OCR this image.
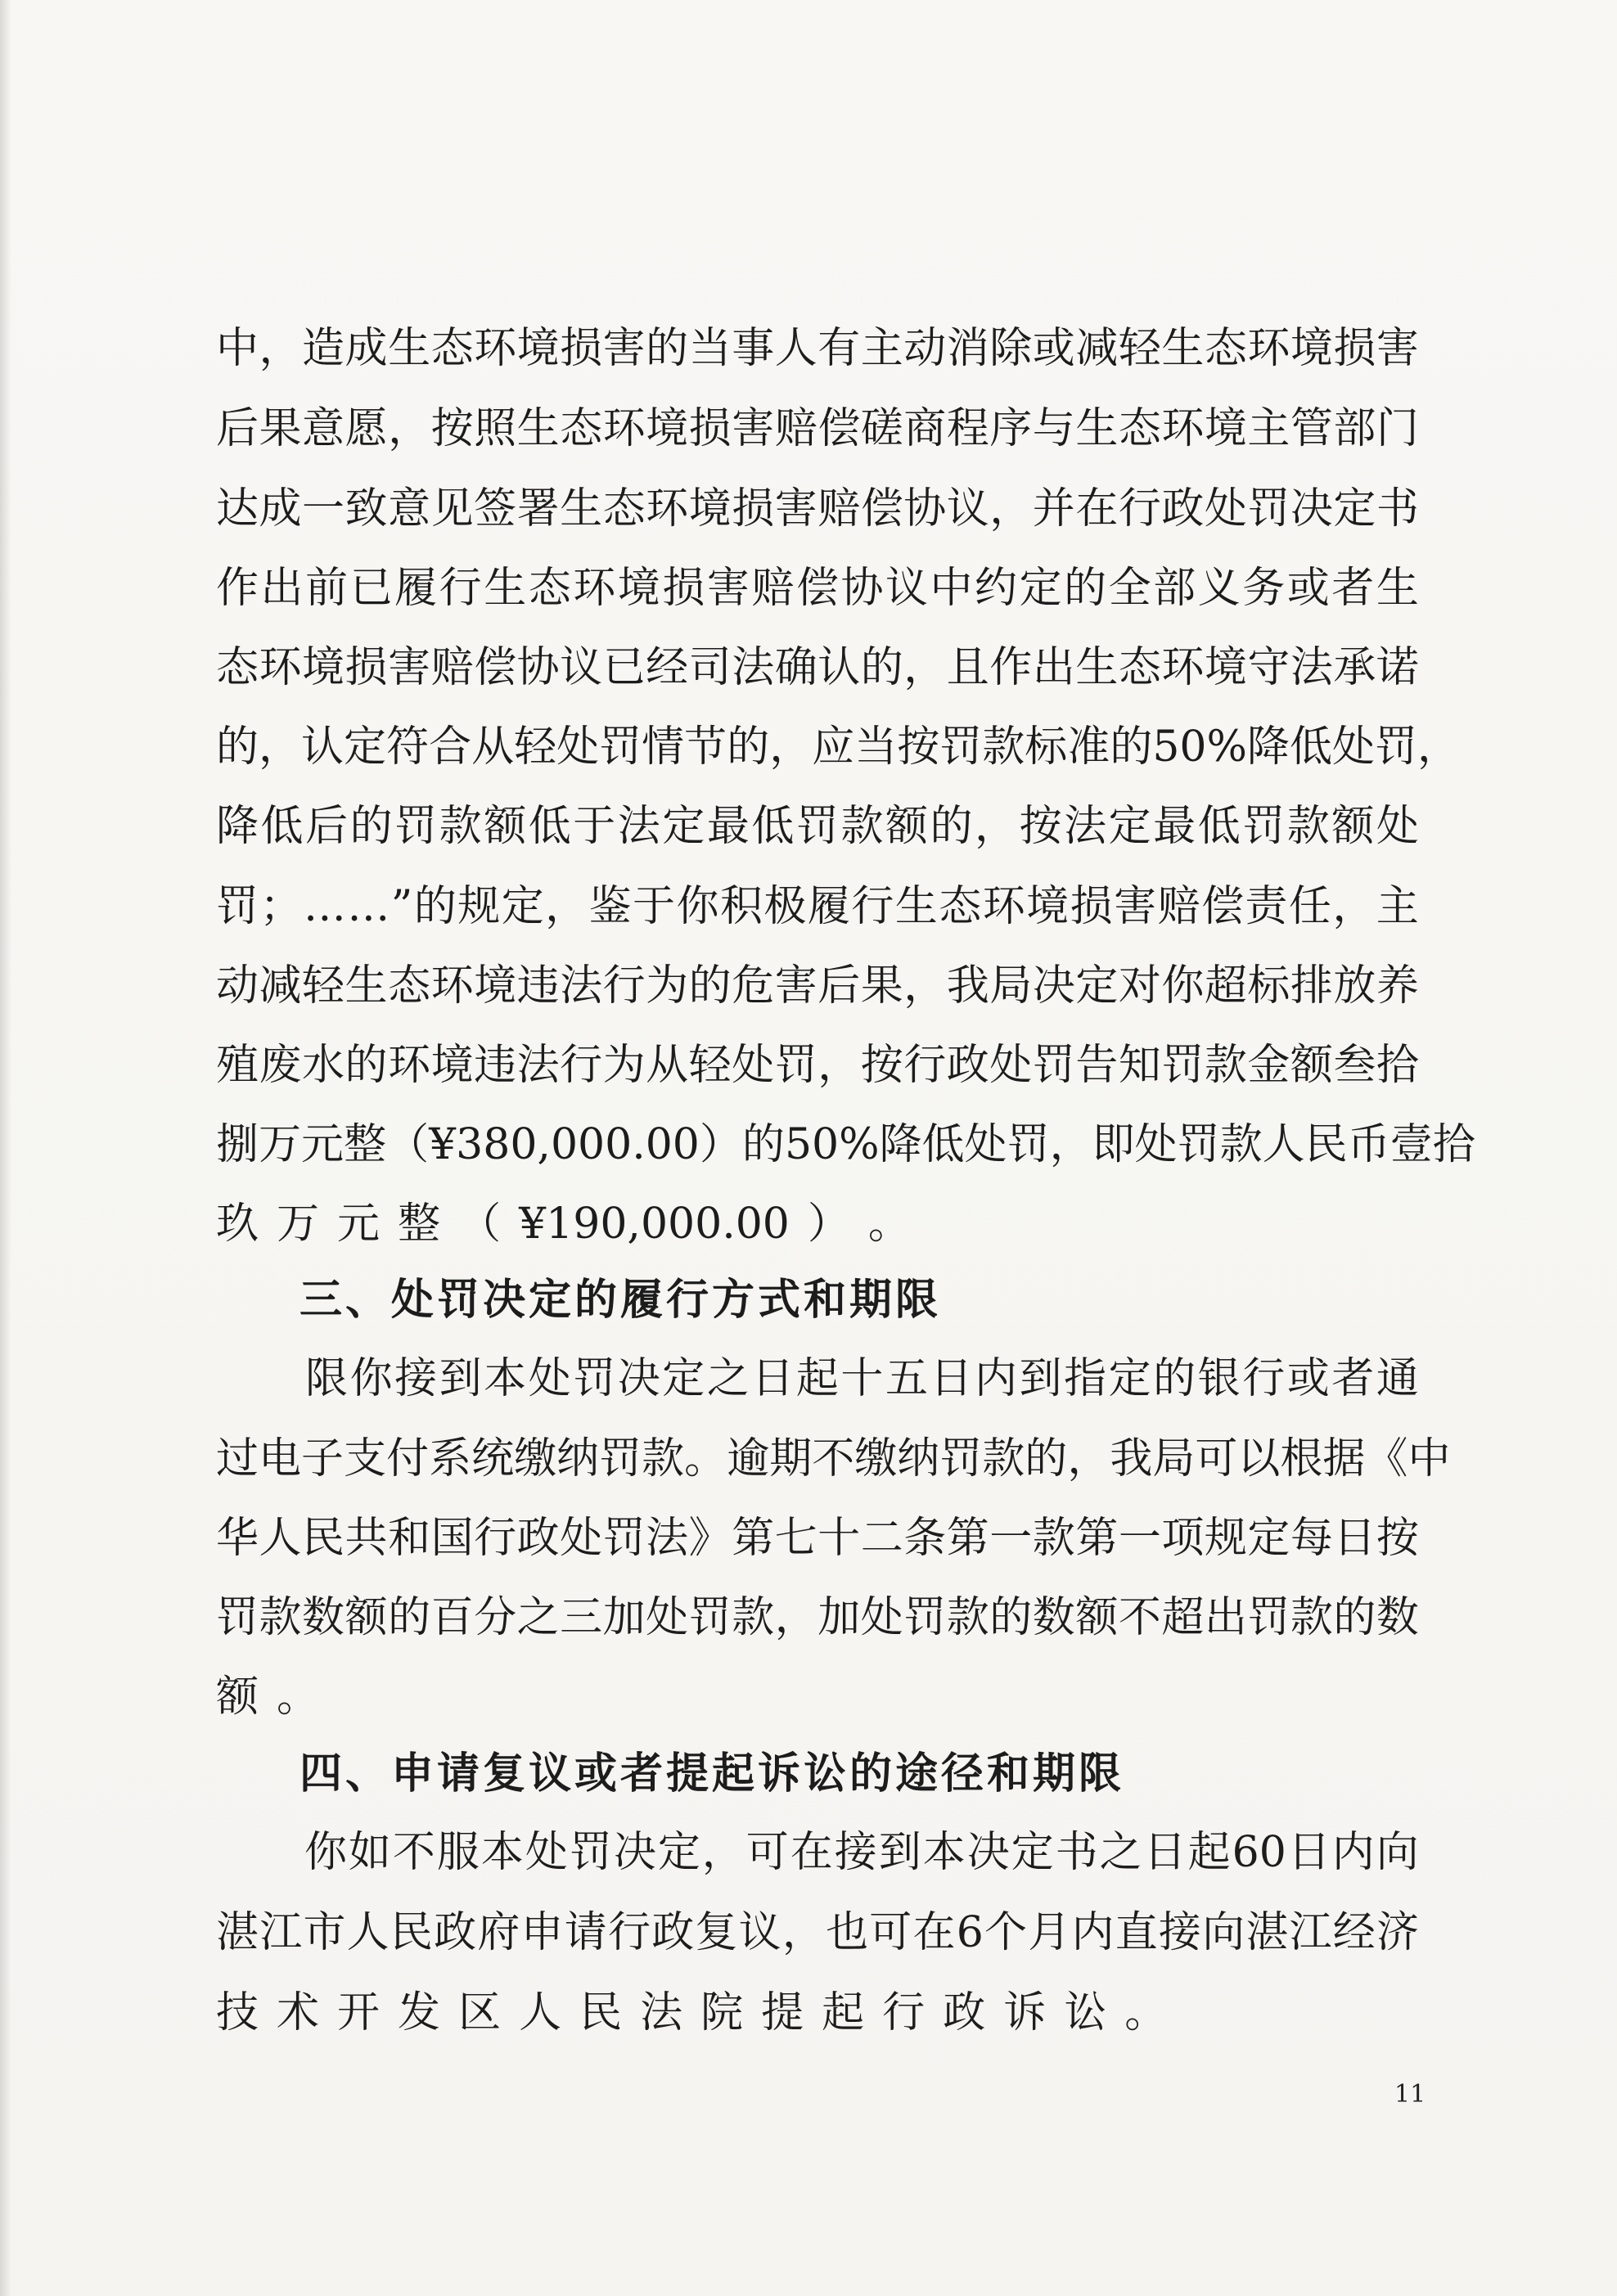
中 ， 造 成 生 态 环 境 损 害 的 当 事 人 有 主 动 消 除 或 减 轻 生 态 环 境 损 害
后 果 意 愿 ， 按 照 生 态 环 境 损 害 赔 偿 磋 商 程 序 与 生 态 环 境 主 管 部 门
达 成 一 致 意 见 签 署 生 态 环 境 损 害 赔 偿 协 议 ， 并 在 行 政 处 罚 决 定 书
作 出 前 已 履 行 生 态 环 境 损 害 赔 偿 协 议 中 约 定 的 全 部 义 务 或 者 生
态 环 境 损 害 赔 偿 协 议 已 经 司 法 确 认 的 ， 且 作 出 生 态 环 境 守 法 承 诺
的 ， 认 定 符 合 从 轻 处 罚 情 节 的 ， 应 当 按 罚 款 标 准 的 50% 降 低 处 罚 ，
降 低 后 的 罚 款 额 低 于 法 定 最 低 罚 款 额 的 ， 按 法 定 最 低 罚 款 额 处
罚 ； … … ” 的 规 定 ， 鉴 于 你 积 极 履 行 生 态 环 境 损 害 赔 偿 责 任 ， 主
动 减 轻 生 态 环 境 违 法 行 为 的 危 害 后 果 ， 我 局 决 定 对 你 超 标 排 放 养
殖 废 水 的 环 境 违 法 行 为 从 轻 处 罚 ， 按 行 政 处 罚 告 知 罚 款 金 额 叁 拾
捌 万 元 整 （ ¥380,000.00 ） 的 50% 降 低 处 罚 ， 即 处 罚 款 人 民 币 壹 拾
玖 万 元 整 （ ¥190,000.00 ） 。
三、处罚决定的履行方式和期限

限 你 接 到 本 处 罚 决 定 之 日 起 十 五 日 内 到 指 定 的 银 行 或 者 通
过 电 子 支 付 系 统 缴 纳 罚 款 。 逾 期 不 缴 纳 罚 款 的 ， 我 局 可 以 根 据 《 中
华 人 民 共 和 国 行 政 处 罚 法 》 第 七 十 二 条 第 一 款 第 一 项 规 定 每 日 按
罚 款 数 额 的 百 分 之 三 加 处 罚 款 ， 加 处 罚 款 的 数 额 不 超 出 罚 款 的 数
额 。
四、申请复议或者提起诉讼的途径和期限

你 如 不 服 本 处 罚 决 定 ， 可 在 接 到 本 决 定 书 之 日 起 60 日 内 向
湛 江 市 人 民 政 府 申 请 行 政 复 议 ， 也 可 在 6 个 月 内 直 接 向 湛 江 经 济
技 术 开 发 区 人 民 法 院 提 起 行 政 诉 讼 。
11
